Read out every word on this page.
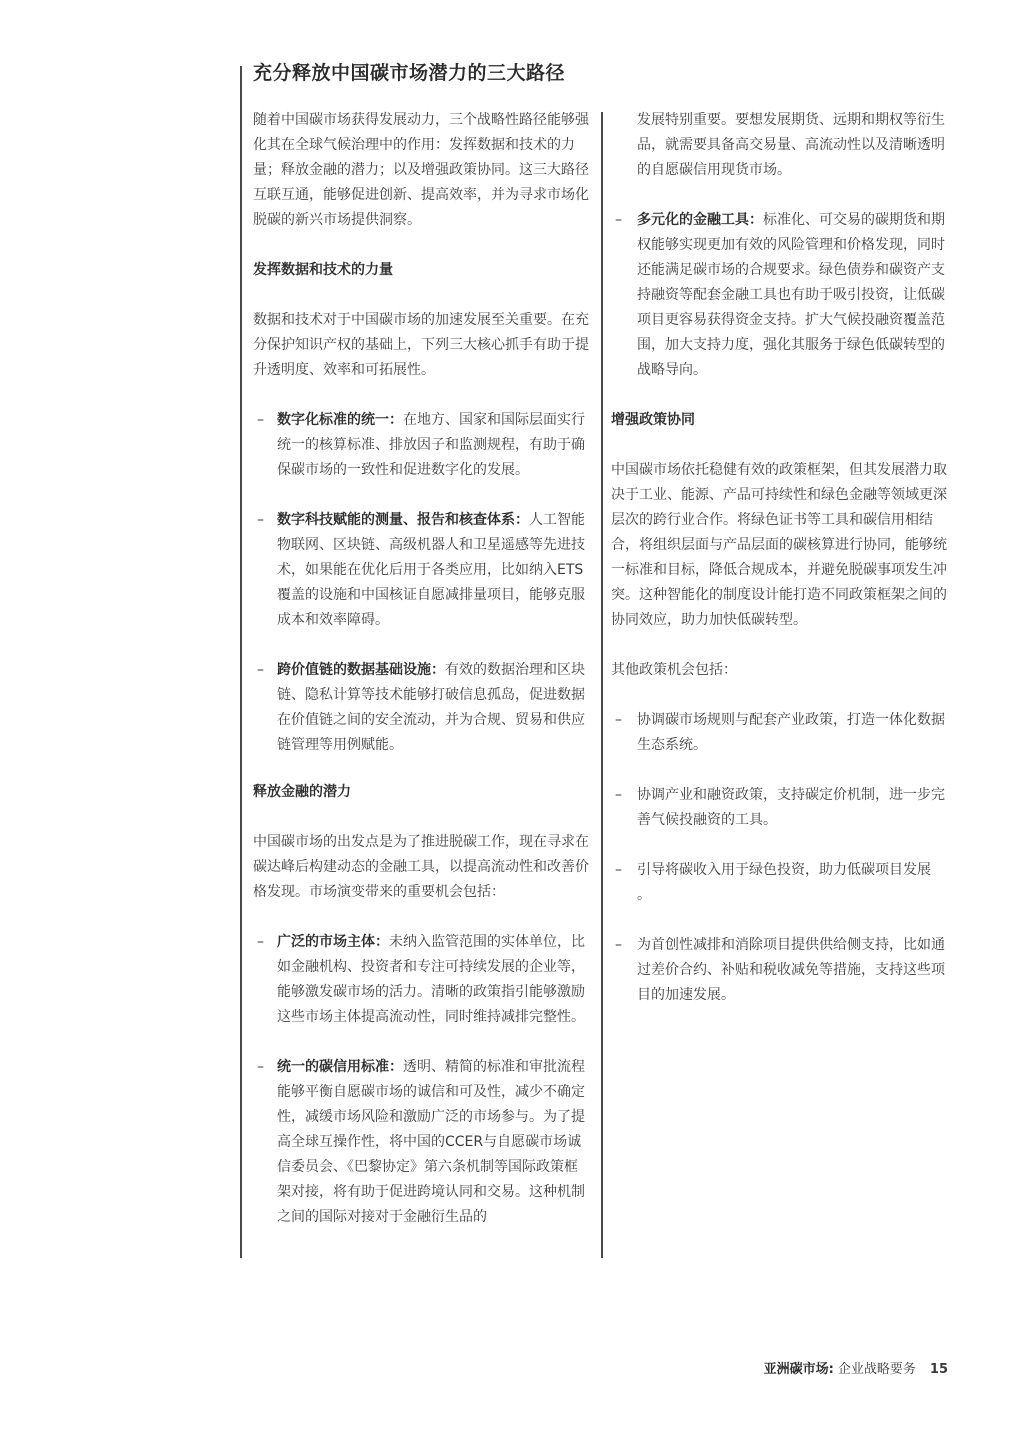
充分释放中国碳市场潜力的三大路径

随着中国碳市场获得发展动力，三个战略性路径能够强化其在全球气候治理中的作用：发挥数据和技术的力量；释放金融的潜力；以及增强政策协同。这三大路径互联互通，能够促进创新、提高效率，并为寻求市场化脱碳的新兴市场提供洞察。

发挥数据和技术的力量

数据和技术对于中国碳市场的加速发展至关重要。在充分保护知识产权的基础上，下列三大核心抓手有助于提升透明度、效率和可拓展性。

– 数字化标准的统一：在地方、国家和国际层面实行统一的核算标准、排放因子和监测规程，有助于确保碳市场的一致性和促进数字化的发展。

– 数字科技赋能的测量、报告和核查体系：人工智能物联网、区块链、高级机器人和卫星遥感等先进技术，如果能在优化后用于各类应用，比如纳入ETS覆盖的设施和中国核证自愿减排量项目，能够克服成本和效率障碍。

– 跨价值链的数据基础设施：有效的数据治理和区块链、隐私计算等技术能够打破信息孤岛，促进数据在价值链之间的安全流动，并为合规、贸易和供应链管理等用例赋能。

释放金融的潜力

中国碳市场的出发点是为了推进脱碳工作，现在寻求在碳达峰后构建动态的金融工具，以提高流动性和改善价格发现。市场演变带来的重要机会包括：

– 广泛的市场主体：未纳入监管范围的实体单位，比如金融机构、投资者和专注可持续发展的企业等，能够激发碳市场的活力。清晰的政策指引能够激励这些市场主体提高流动性，同时维持减排完整性。

– 统一的碳信用标准：透明、精简的标准和审批流程能够平衡自愿碳市场的诚信和可及性，减少不确定性，减缓市场风险和激励广泛的市场参与。为了提高全球互操作性，将中国的CCER与自愿碳市场诚信委员会、《巴黎协定》第六条机制等国际政策框架对接，将有助于促进跨境认同和交易。这种机制之间的国际对接对于金融衍生品的

发展特别重要。要想发展期货、远期和期权等衍生品，就需要具备高交易量、高流动性以及清晰透明的自愿碳信用现货市场。

– 多元化的金融工具：标准化、可交易的碳期货和期权能够实现更加有效的风险管理和价格发现，同时还能满足碳市场的合规要求。绿色债券和碳资产支持融资等配套金融工具也有助于吸引投资，让低碳项目更容易获得资金支持。扩大气候投融资覆盖范围，加大支持力度，强化其服务于绿色低碳转型的战略导向。

增强政策协同

中国碳市场依托稳健有效的政策框架，但其发展潜力取决于工业、能源、产品可持续性和绿色金融等领域更深层次的跨行业合作。将绿色证书等工具和碳信用相结合，将组织层面与产品层面的碳核算进行协同，能够统一标准和目标，降低合规成本，并避免脱碳事项发生冲突。这种智能化的制度设计能打造不同政策框架之间的协同效应，助力加快低碳转型。

其他政策机会包括：

– 协调碳市场规则与配套产业政策，打造一体化数据生态系统。

– 协调产业和融资政策，支持碳定价机制，进一步完善气候投融资的工具。

– 引导将碳收入用于绿色投资，助力低碳项目发展 。

– 为首创性减排和消除项目提供供给侧支持，比如通过差价合约、补贴和税收减免等措施，支持这些项目的加速发展。

亚洲碳市场: 企业战略要务 15
